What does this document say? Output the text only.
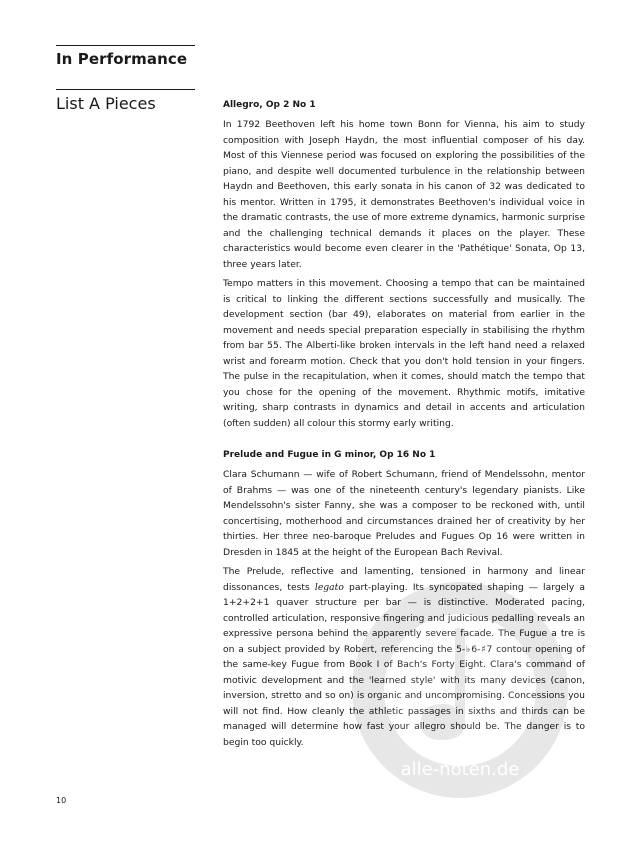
In Performance
List A Pieces	Allegro, Op 2 No 1

In 1792 Beethoven left his home town Bonn for Vienna, his aim to study composition with Joseph Haydn, the most influential composer of his day. Most of this Viennese period was focused on exploring the possibilities of the piano, and despite well documented turbulence in the relationship between Haydn and Beethoven, this early sonata in his canon of 32 was dedicated to his mentor. Written in 1795, it demonstrates Beethoven's individual voice in the dramatic contrasts, the use of more extreme dynamics, harmonic surprise and the challenging technical demands it places on the player. These characteristics would become even clearer in the 'Pathétique' Sonata, Op 13, three years later.

Tempo matters in this movement. Choosing a tempo that can be maintained is critical to linking the different sections successfully and musically. The development section (bar 49), elaborates on material from earlier in the movement and needs special preparation especially in stabilising the rhythm from bar 55. The Alberti-like broken intervals in the left hand need a relaxed wrist and forearm motion. Check that you don't hold tension in your fingers. The pulse in the recapitulation, when it comes, should match the tempo that you chose for the opening of the movement. Rhythmic motifs, imitative writing, sharp contrasts in dynamics and detail in accents and articulation (often sudden) all colour this stormy early writing.

Prelude and Fugue in G minor, Op 16 No 1

Clara Schumann — wife of Robert Schumann, friend of Mendelssohn, mentor of Brahms — was one of the nineteenth century's legendary pianists. Like Mendelssohn's sister Fanny, she was a composer to be reckoned with, until concertising, motherhood and circumstances drained her of creativity by her thirties. Her three neo-baroque Preludes and Fugues Op 16 were written in Dresden in 1845 at the height of the European Bach Revival.

The Prelude, reflective and lamenting, tensioned in harmony and linear dissonances, tests legato part-playing. Its syncopated shaping — largely a 1+2+2+1 quaver structure per bar — is distinctive. Moderated pacing, controlled articulation, responsive fingering and judicious pedalling reveals an expressive persona behind the apparently severe facade. The Fugue a tre is on a subject provided by Robert, referencing the 5-♭6-♯7 contour opening of the same-key Fugue from Book I of Bach's Forty Eight. Clara's command of motivic development and the 'learned style' with its many devices (canon, inversion, stretto and so on) is organic and uncompromising. Concessions you will not find. How cleanly the athletic passages in sixths and thirds can be managed will determine how fast your allegro should be. The danger is to begin too quickly.

10
alle-noten.de
